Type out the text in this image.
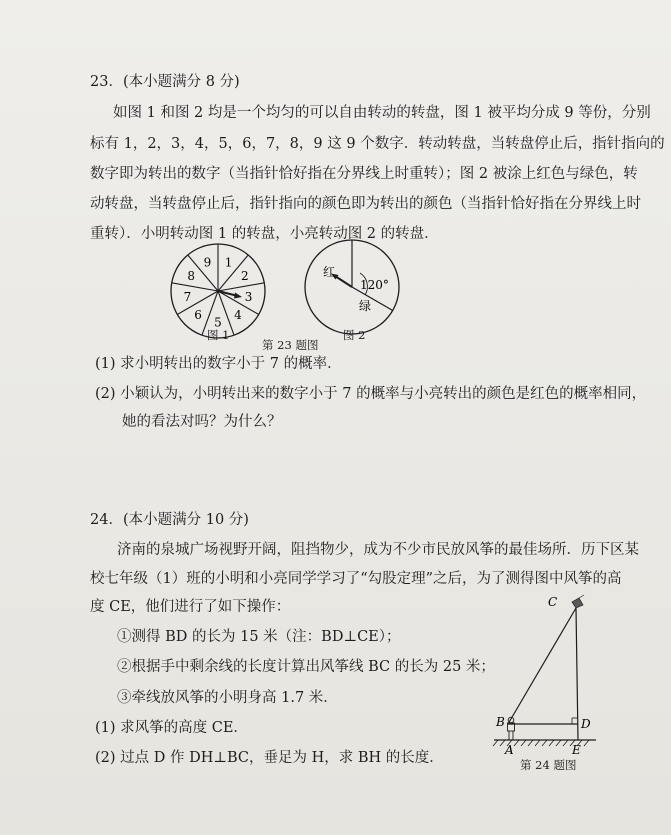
23．(本小题满分 8 分)
如图 1 和图 2 均是一个均匀的可以自由转动的转盘，图 1 被平均分成 9 等份，分别
标有 1，2，3，4，5，6，7，8，9 这 9 个数字．转动转盘，当转盘停止后，指针指向的
数字即为转出的数字（当指针恰好指在分界线上时重转）；图 2 被涂上红色与绿色，转
动转盘，当转盘停止后，指针指向的颜色即为转出的颜色（当指针恰好指在分界线上时
重转）．小明转动图 1 的转盘，小亮转动图 2 的转盘．
1
2
3
4
5
6
7
8
9
图 1
红
120°
绿
图 2
第 23 题图
(1) 求小明转出的数字小于 7 的概率．
(2) 小颖认为，小明转出来的数字小于 7 的概率与小亮转出的颜色是红色的概率相同，
她的看法对吗？为什么？
24．(本小题满分 10 分)
济南的泉城广场视野开阔，阻挡物少，成为不少市民放风筝的最佳场所．历下区某
校七年级（1）班的小明和小亮同学学习了“勾股定理”之后，为了测得图中风筝的高
度 CE，他们进行了如下操作：
①测得 BD 的长为 15 米（注：BD⊥CE）；
②根据手中剩余线的长度计算出风筝线 BC 的长为 25 米；
③牵线放风筝的小明身高 1.7 米．
(1) 求风筝的高度 CE．
(2) 过点 D 作 DH⊥BC，垂足为 H，求 BH 的长度．
C
B	D
A	E
第 24 题图
